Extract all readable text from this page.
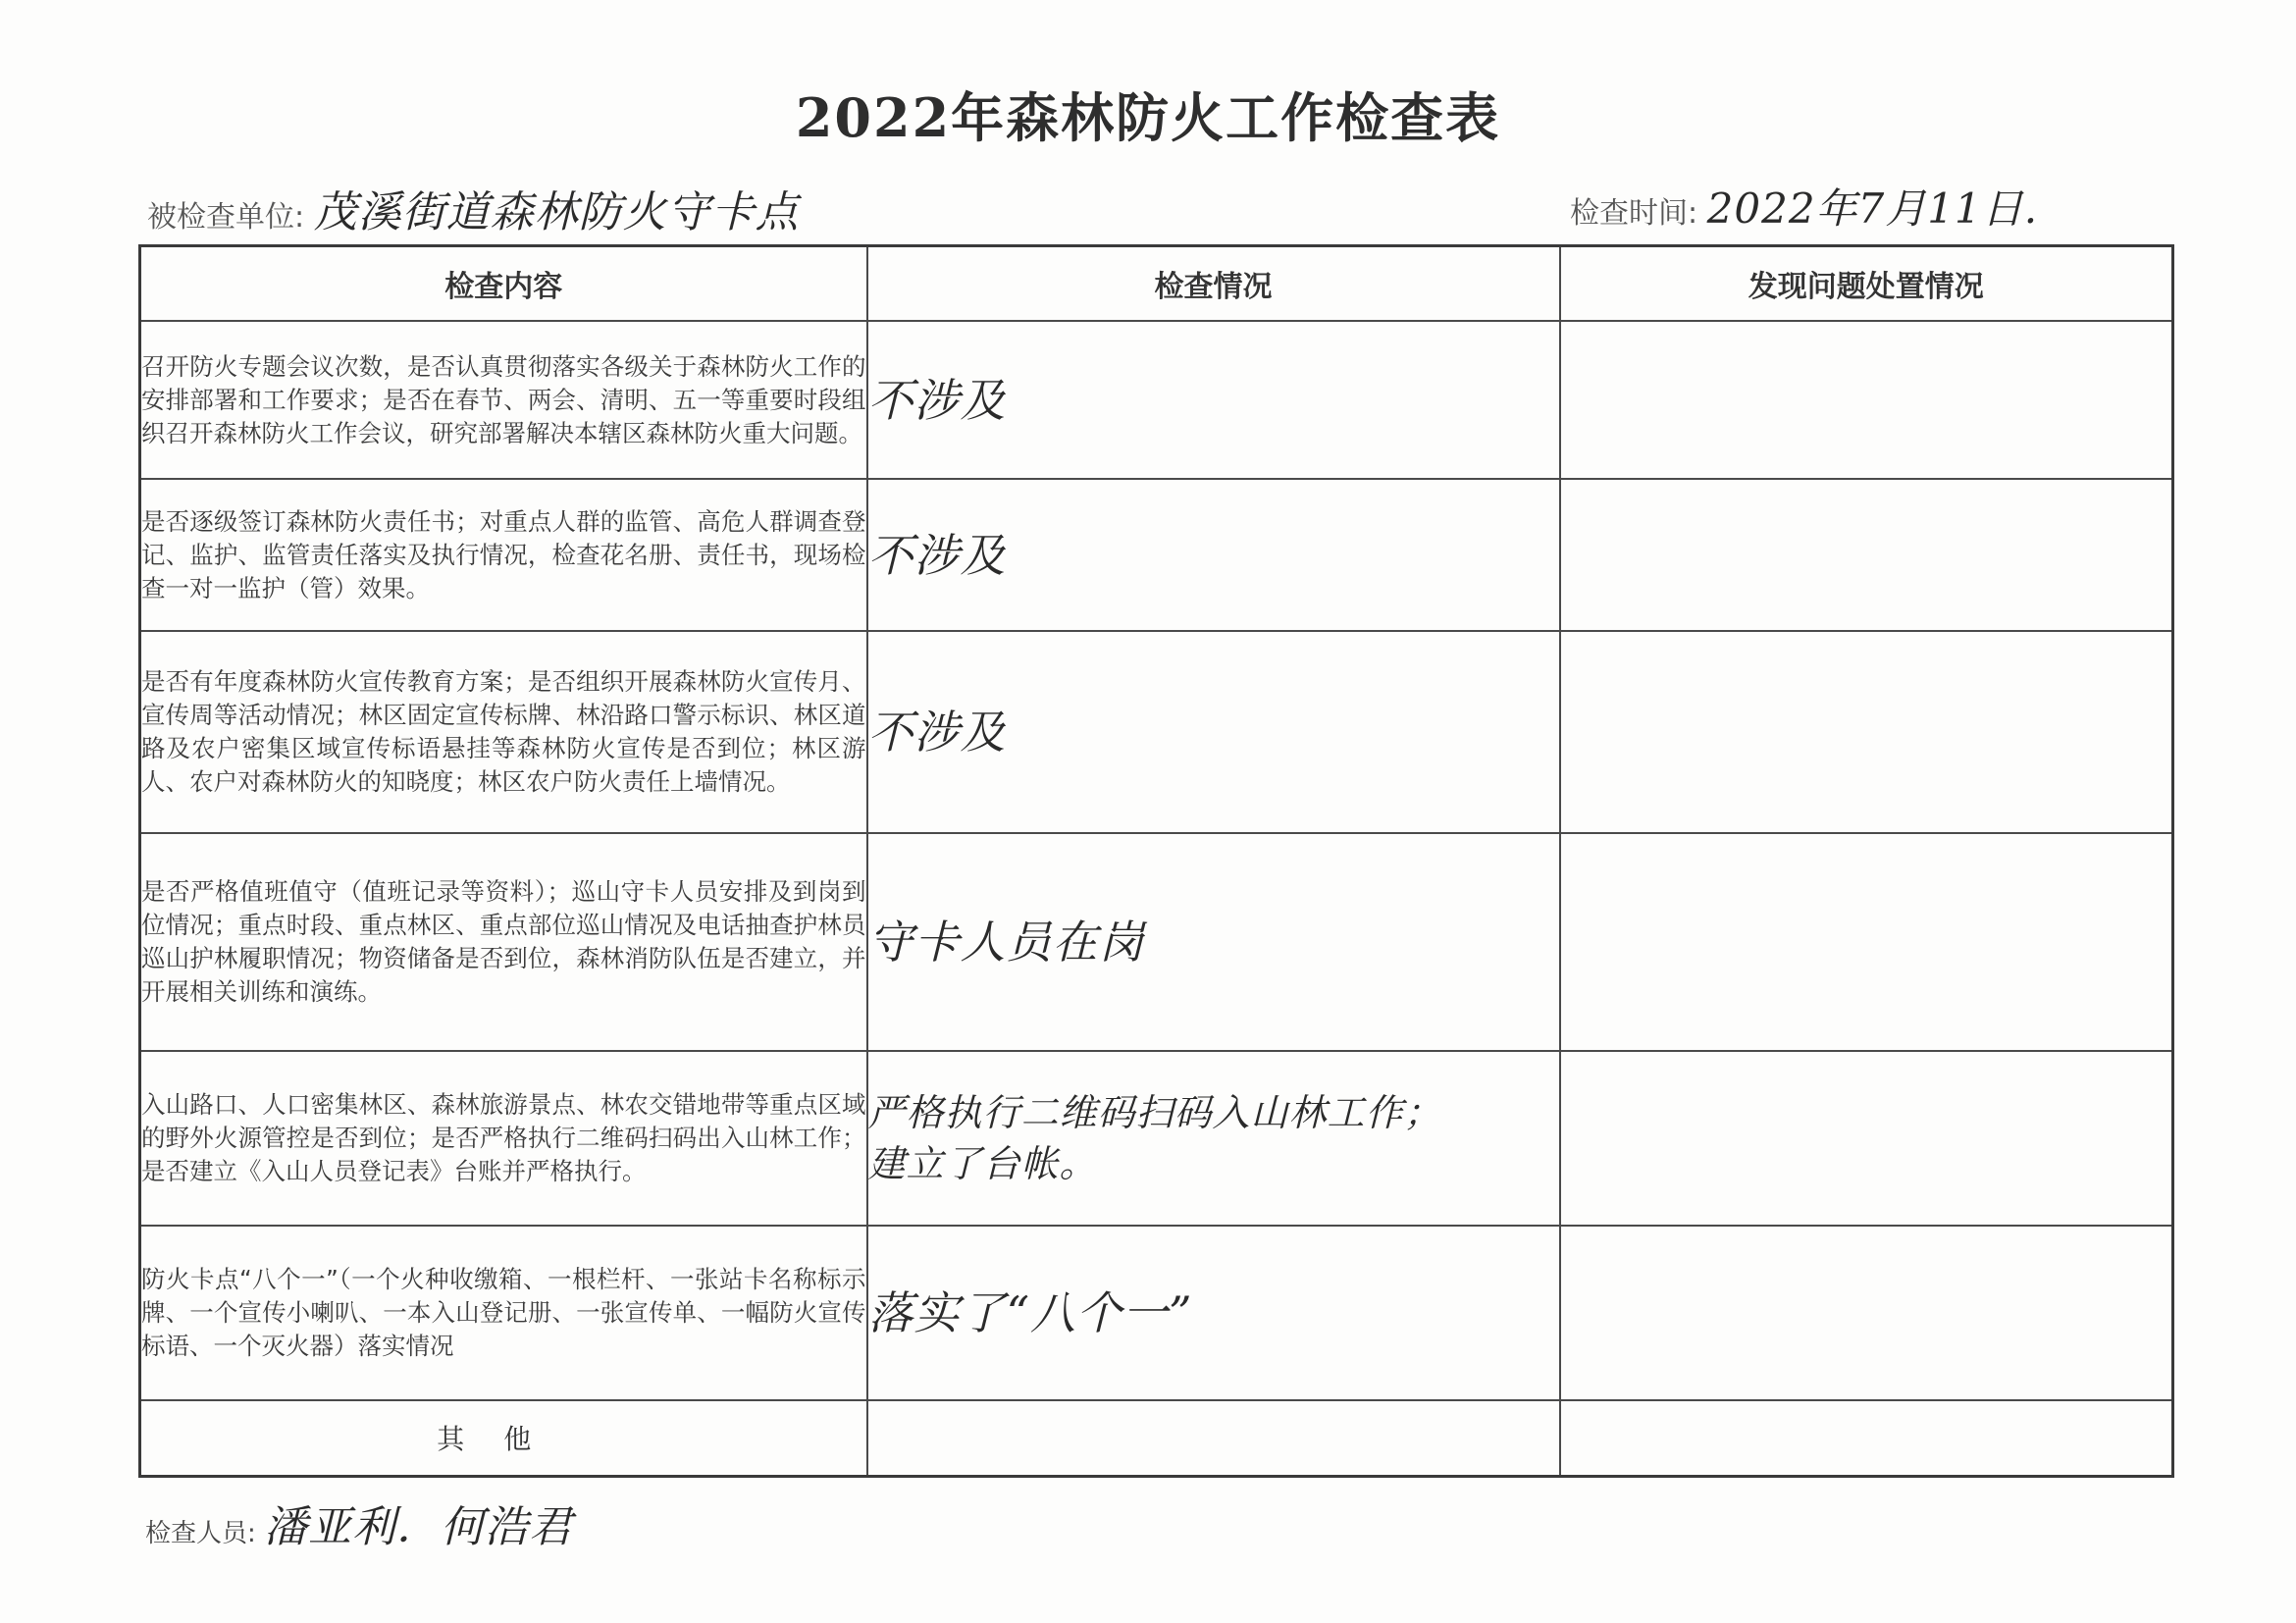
2022年森林防火工作检查表
被检查单位: 茂溪街道森林防火守卡点	检查时间: 2022年7月11日.
检查内容	检查情况	发现问题处置情况

召开防火专题会议次数，是否认真贯彻落实各级关于森林防火工作的安排部署和工作要求；是否在春节、两会、清明、五一等重要时段组织召开森林防火工作会议，研究部署解决本辖区森林防火重大问题。	不涉及	

是否逐级签订森林防火责任书；对重点人群的监管、高危人群调查登记、监护、监管责任落实及执行情况，检查花名册、责任书，现场检查一对一监护（管）效果。	不涉及	

是否有年度森林防火宣传教育方案；是否组织开展森林防火宣传月、宣传周等活动情况；林区固定宣传标牌、林沿路口警示标识、林区道路及农户密集区域宣传标语悬挂等森林防火宣传是否到位；林区游人、农户对森林防火的知晓度；林区农户防火责任上墙情况。	不涉及	

是否严格值班值守（值班记录等资料）；巡山守卡人员安排及到岗到位情况；重点时段、重点林区、重点部位巡山情况及电话抽查护林员巡山护林履职情况；物资储备是否到位，森林消防队伍是否建立，并开展相关训练和演练。	守卡人员在岗	

入山路口、人口密集林区、森林旅游景点、林农交错地带等重点区域的野外火源管控是否到位；是否严格执行二维码扫码出入山林工作；是否建立《入山人员登记表》台账并严格执行。	严格执行二维码扫码入山林工作；
建立了台帐。	

防火卡点“八个一”（一个火种收缴箱、一根栏杆、一张站卡名称标示牌、一个宣传小喇叭、一本入山登记册、一张宣传单、一幅防火宣传标语、一个灭火器）落实情况	落实了“八个一”	
其他		
检查人员: 潘亚利．何浩君
